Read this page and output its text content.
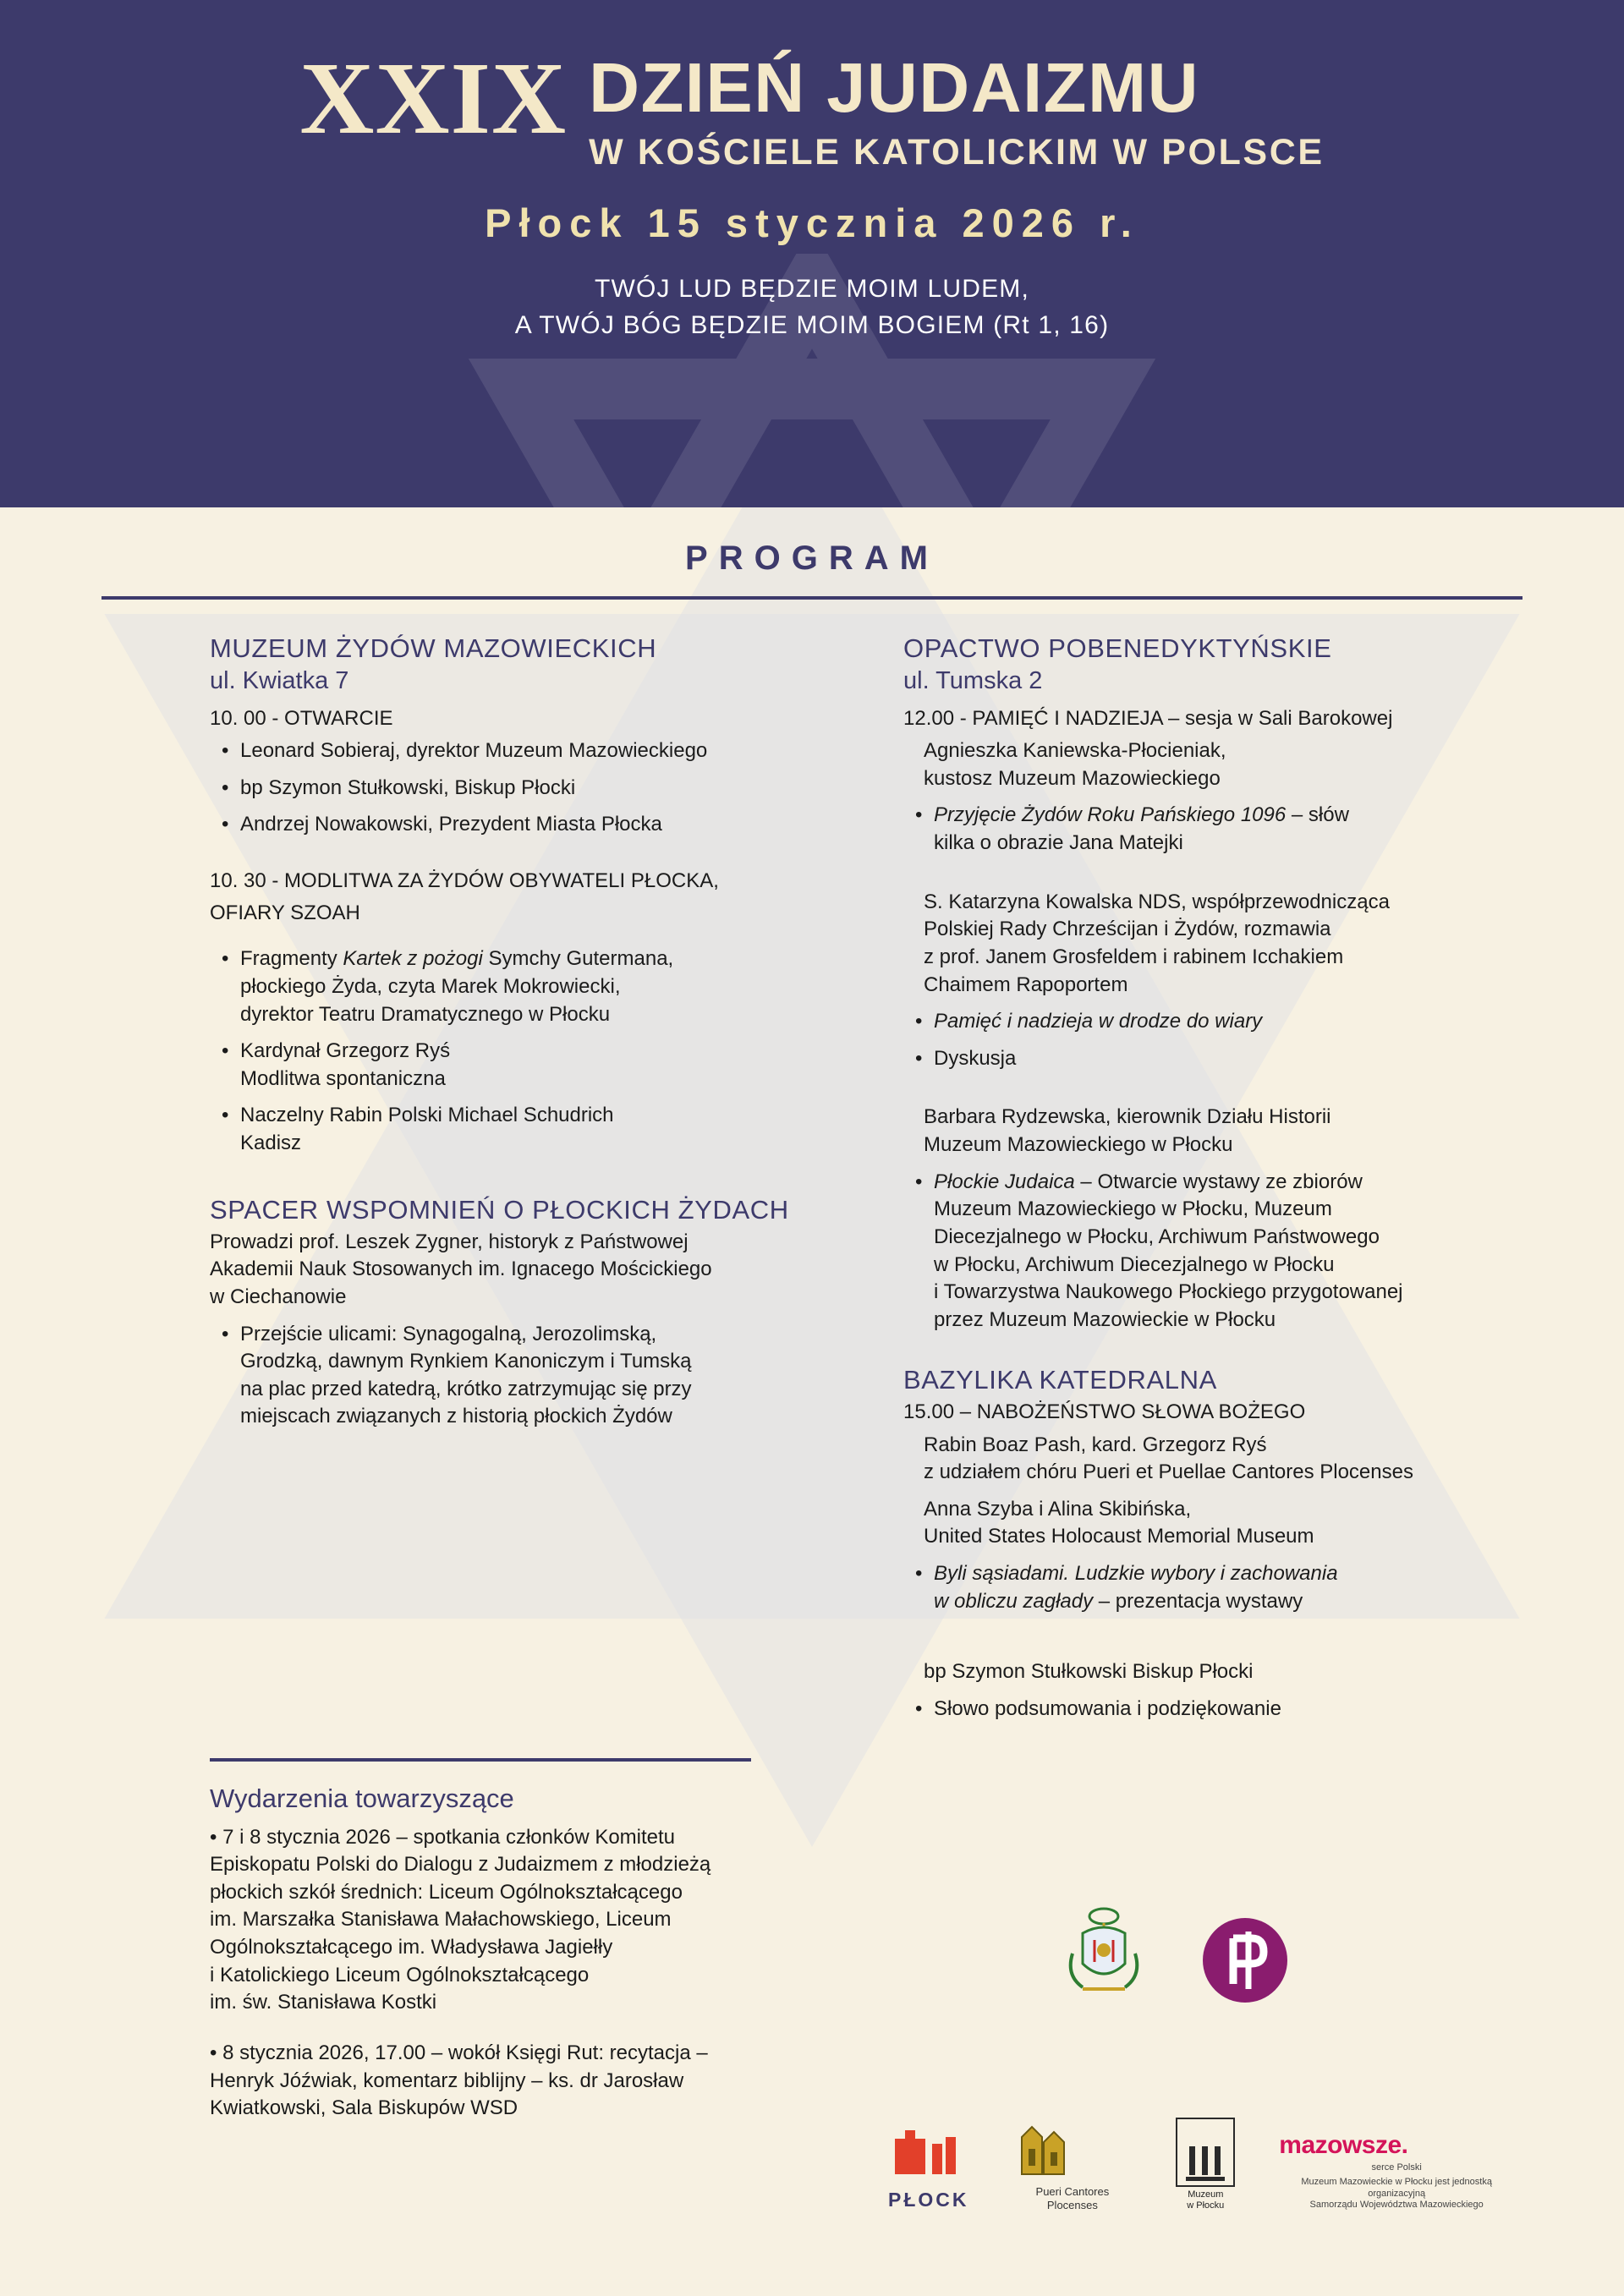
XXIX DZIEŃ JUDAIZMU
W KOŚCIELE KATOLICKIM W POLSCE
Płock 15 stycznia 2026 r.
TWÓJ LUD BĘDZIE MOIM LUDEM,
A TWÓJ BÓG BĘDZIE MOIM BOGIEM (Rt 1, 16)
PROGRAM
MUZEUM ŻYDÓW MAZOWIECKICH
ul. Kwiatka 7
10. 00 - OTWARCIE
• Leonard Sobieraj, dyrektor Muzeum Mazowieckiego
• bp Szymon Stułkowski, Biskup Płocki
• Andrzej Nowakowski, Prezydent Miasta Płocka
10. 30 - MODLITWA ZA ŻYDÓW OBYWATELI PŁOCKA,
OFIARY SZOAH
• Fragmenty Kartek z pożogi Symchy Gutermana,
płockiego Żyda, czyta Marek Mokrowiecki,
dyrektor Teatru Dramatycznego w Płocku
• Kardynał Grzegorz Ryś
Modlitwa spontaniczna
• Naczelny Rabin Polski Michael Schudrich
Kadisz
SPACER WSPOMNIEŃ O PŁOCKICH ŻYDACH
Prowadzi prof. Leszek Zygner, historyk z Państwowej
Akademii Nauk Stosowanych im. Ignacego Mościckiego
w Ciechanowie
• Przejście ulicami: Synagogalną, Jerozolimską,
Grodzką, dawnym Rynkiem Kanoniczym i Tumską
na plac przed katedrą, krótko zatrzymując się przy
miejscach związanych z historią płockich Żydów
OPACTWO POBENEDYKTYŃSKIE
ul. Tumska 2
12.00 - PAMIĘĆ I NADZIEJA – sesja w Sali Barokowej
Agnieszka Kaniewska-Płocieniak,
kustosz Muzeum Mazowieckiego
• Przyjęcie Żydów Roku Pańskiego 1096 – słów
kilka o obrazie Jana Matejki
S. Katarzyna Kowalska NDS, współprzewodnicząca
Polskiej Rady Chrześcijan i Żydów, rozmawia
z prof. Janem Grosfeldem i rabinem Icchakiem
Chaimem Rapoportem
• Pamięć i nadzieja w drodze do wiary
• Dyskusja
Barbara Rydzewska, kierownik Działu Historii
Muzeum Mazowieckiego w Płocku
• Płockie Judaica – Otwarcie wystawy ze zbiorów
Muzeum Mazowieckiego w Płocku, Muzeum
Diecezjalnego w Płocku, Archiwum Państwowego
w Płocku, Archiwum Diecezjalnego w Płocku
i Towarzystwa Naukowego Płockiego przygotowanej
przez Muzeum Mazowieckie w Płocku
BAZYLIKA KATEDRALNA
15.00 – NABOŻEŃSTWO SŁOWA BOŻEGO
Rabin Boaz Pash, kard. Grzegorz Ryś
z udziałem chóru Pueri et Puellae Cantores Plocenses
Anna Szyba i Alina Skibińska,
United States Holocaust Memorial Museum
• Byli sąsiadami. Ludzkie wybory i zachowania
w obliczu zagłady – prezentacja wystawy
bp Szymon Stułkowski Biskup Płocki
• Słowo podsumowania i podziękowanie
Wydarzenia towarzyszące
• 7 i 8 stycznia 2026 – spotkania członków Komitetu
Episkopatu Polski do Dialogu z Judaizmem z młodzieżą
płockich szkół średnich: Liceum Ogólnokształcącego
im. Marszałka Stanisława Małachowskiego, Liceum
Ogólnokształcącego im. Władysława Jagiełły
i Katolickiego Liceum Ogólnokształcącego
im. św. Stanisława Kostki
• 8 stycznia 2026, 17.00 – wokół Księgi Rut: recytacja –
Henryk Jóźwiak, komentarz biblijny – ks. dr Jarosław
Kwiatkowski, Sala Biskupów WSD
PŁOCK	Pueri Cantores Plocenses
Muzeum
w Płocku
mazowsze.
serce Polski
Muzeum Mazowieckie w Płocku jest jednostką organizacyjną
Samorządu Województwa Mazowieckiego
